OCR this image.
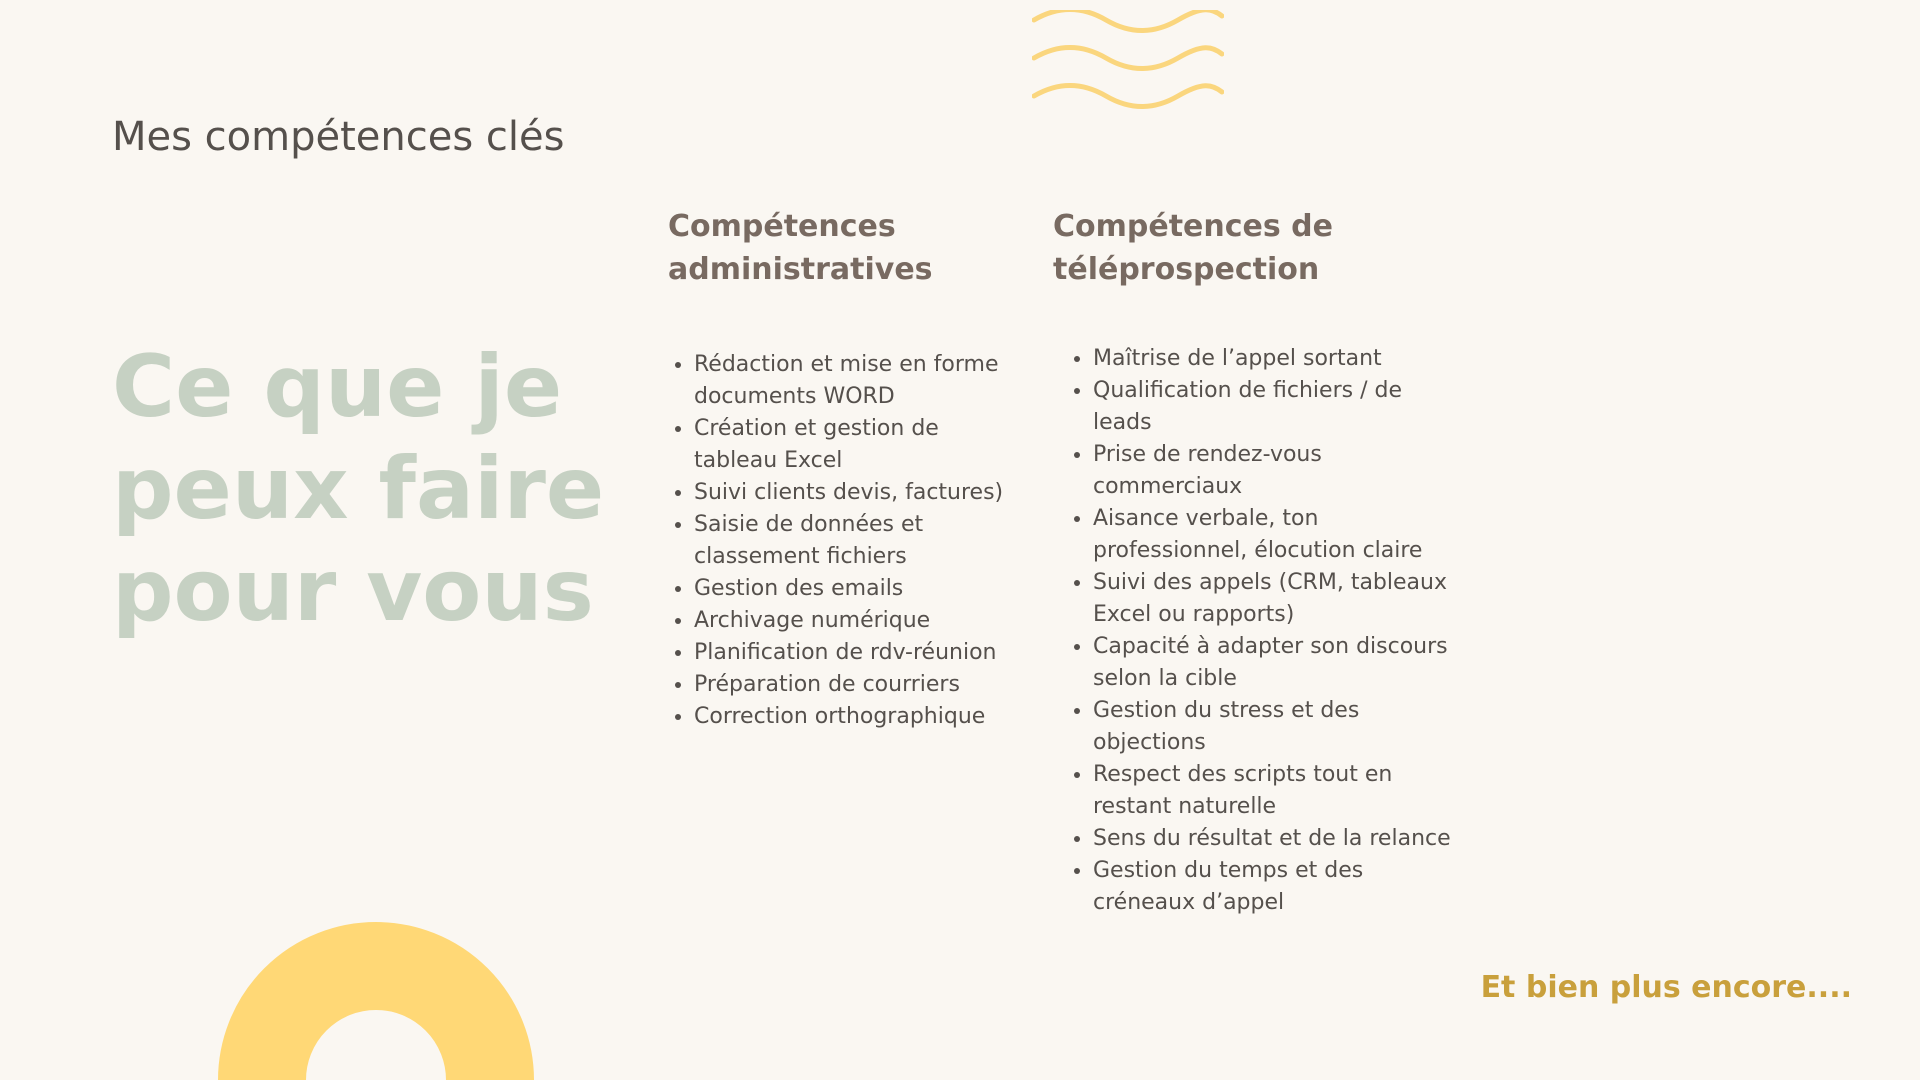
Mes compétences clés
Ce que je
peux faire
pour vous
Compétences
administratives
• Rédaction et mise en forme documents WORD
• Création et gestion de tableau Excel
• Suivi clients devis, factures)
• Saisie de données et classement fichiers
• Gestion des emails
• Archivage numérique
• Planification de rdv-réunion
• Préparation de courriers
• Correction orthographique
Compétences de
téléprospection
• Maîtrise de l’appel sortant
• Qualification de fichiers / de leads
• Prise de rendez-vous commerciaux
• Aisance verbale, ton professionnel, élocution claire
• Suivi des appels (CRM, tableaux Excel ou rapports)
• Capacité à adapter son discours selon la cible
• Gestion du stress et des objections
• Respect des scripts tout en restant naturelle
• Sens du résultat et de la relance
• Gestion du temps et des créneaux d’appel

Et bien plus encore....
